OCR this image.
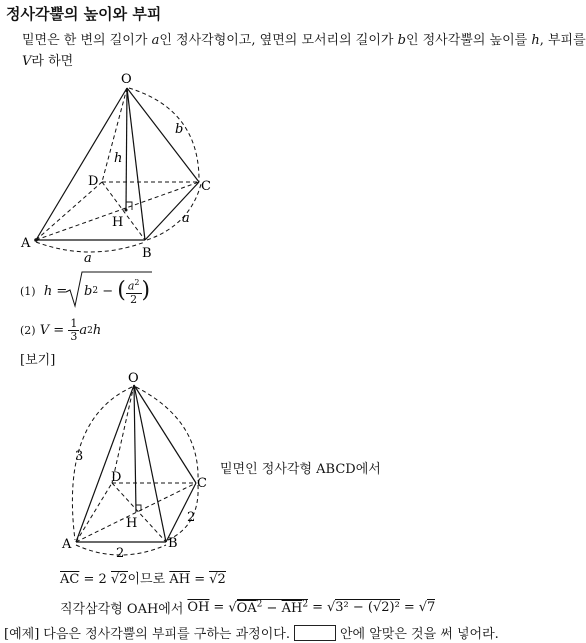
정사각뿔의 높이와 부피
밑면은 한 변의 길이가 a인 정사각형이고, 옆면의 모서리의 길이가 b인 정사각뿔의 높이를 h, 부피를
V라 하면
O
A
B
C
D
H
h
a
a
b
(1) h = b 2
−
( $\frac{a^2}{2}$ )
(2)
V
=
$\frac{1}{3}$ a 2 h
[보기]
O
A	B
C
D
H
3
2
2
밑면인 정사각형 ABCD에서
$\overline{AC} = 2$ √2이므로 $\overline{AH} = √2$
직각삼각형 OAH에서 $\overline{OH} = √OA^2 - \overline{AH}^2 = √3^2 - (√2)^2 = √7$
[예제] 다음은 정사각뿔의 부피를 구하는 과정이다.	안에 알맞은 것을 써 넣어라.
